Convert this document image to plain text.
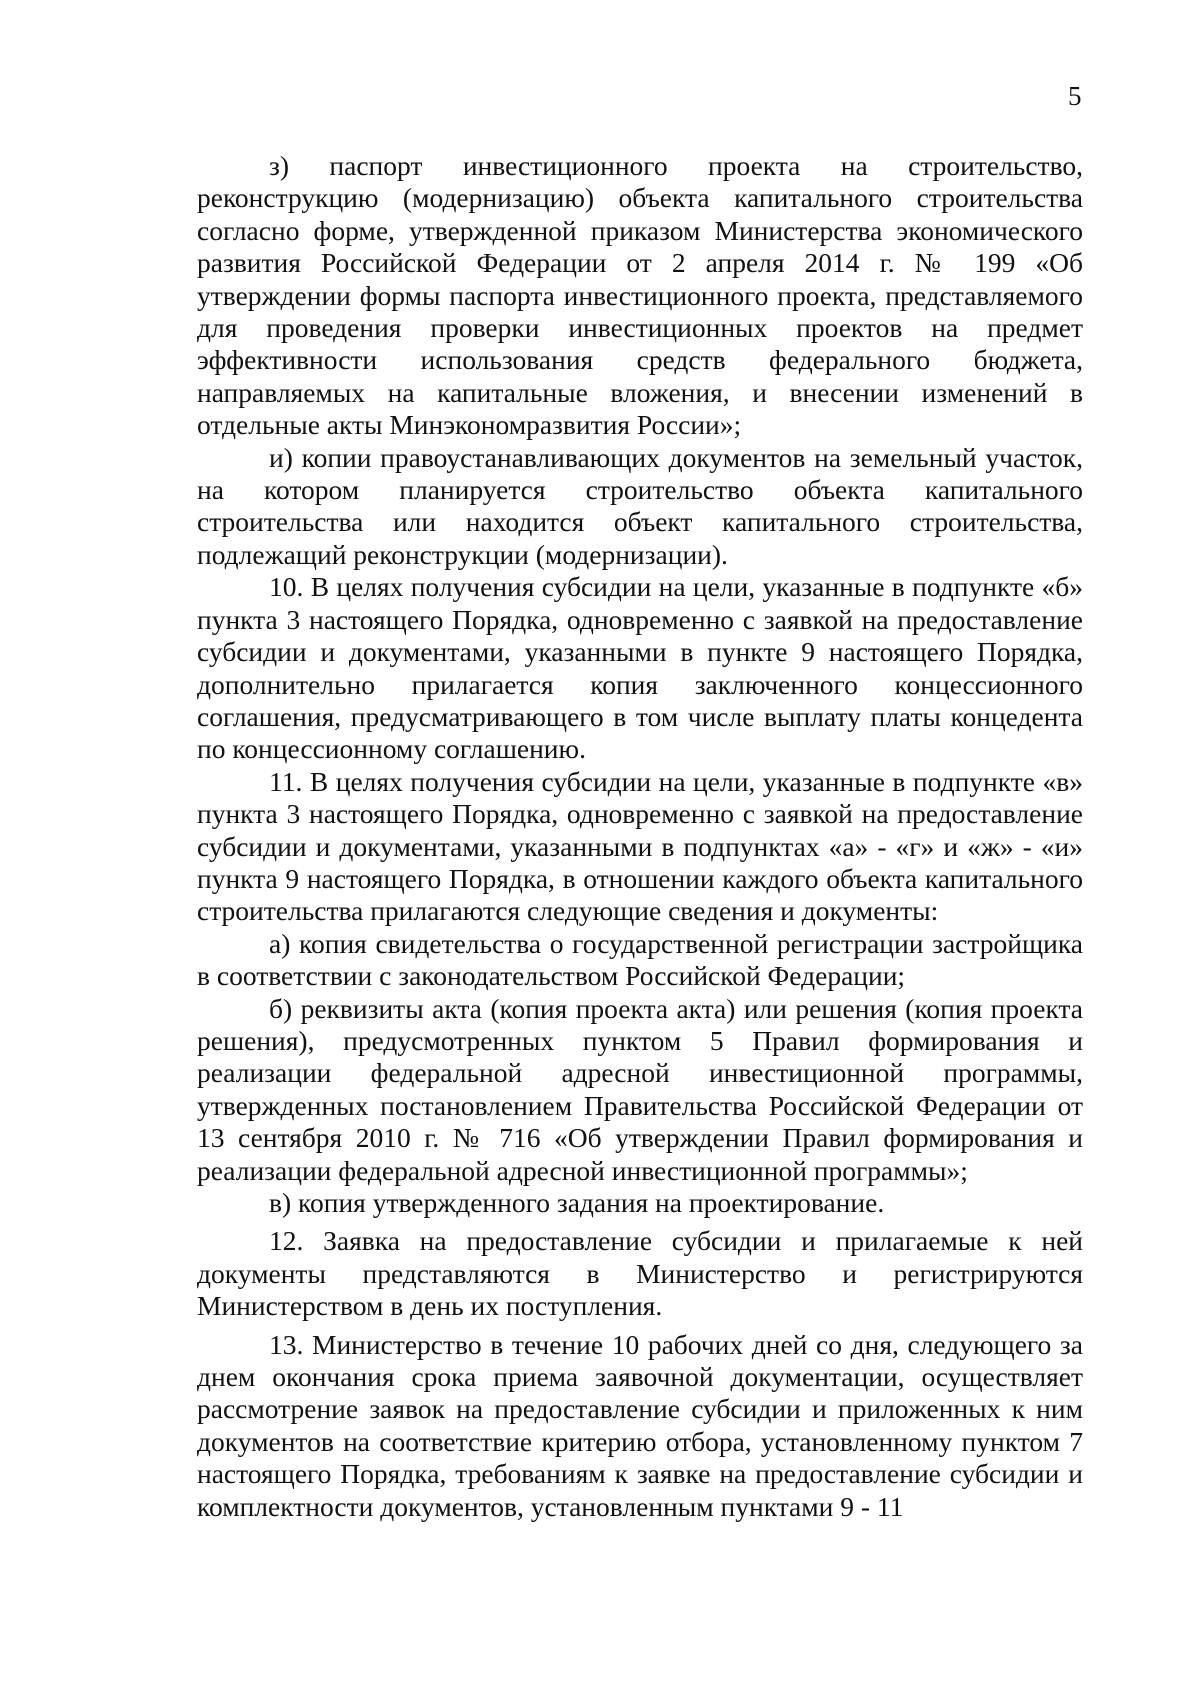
5

з) паспорт инвестиционного проекта на строительство, реконструкцию (модернизацию) объекта капитального строительства согласно форме, утвержденной приказом Министерства экономического развития Российской Федерации от 2 апреля 2014 г. № 199 «Об утверждении формы паспорта инвестиционного проекта, представляемого для проведения проверки инвестиционных проектов на предмет эффективности использования средств федерального бюджета, направляемых на капитальные вложения, и внесении изменений в отдельные акты Минэкономразвития России»;

и) копии правоустанавливающих документов на земельный участок, на котором планируется строительство объекта капитального строительства или находится объект капитального строительства, подлежащий реконструкции (модернизации).

10. В целях получения субсидии на цели, указанные в подпункте «б» пункта 3 настоящего Порядка, одновременно с заявкой на предоставление субсидии и документами, указанными в пункте 9 настоящего Порядка, дополнительно прилагается копия заключенного концессионного соглашения, предусматривающего в том числе выплату платы концедента по концессионному соглашению.

11. В целях получения субсидии на цели, указанные в подпункте «в» пункта 3 настоящего Порядка, одновременно с заявкой на предоставление субсидии и документами, указанными в подпунктах «а» - «г» и «ж» - «и» пункта 9 настоящего Порядка, в отношении каждого объекта капитального строительства прилагаются следующие сведения и документы:

а) копия свидетельства о государственной регистрации застройщика в соответствии с законодательством Российской Федерации;

б) реквизиты акта (копия проекта акта) или решения (копия проекта решения), предусмотренных пунктом 5 Правил формирования и реализации федеральной адресной инвестиционной программы, утвержденных постановлением Правительства Российской Федерации от 13 сентября 2010 г. № 716 «Об утверждении Правил формирования и реализации федеральной адресной инвестиционной программы»;

в) копия утвержденного задания на проектирование.

12. Заявка на предоставление субсидии и прилагаемые к ней документы представляются в Министерство и регистрируются Министерством в день их поступления.

13. Министерство в течение 10 рабочих дней со дня, следующего за днем окончания срока приема заявочной документации, осуществляет рассмотрение заявок на предоставление субсидии и приложенных к ним документов на соответствие критерию отбора, установленному пунктом 7 настоящего Порядка, требованиям к заявке на предоставление субсидии и комплектности документов, установленным пунктами 9 - 11
